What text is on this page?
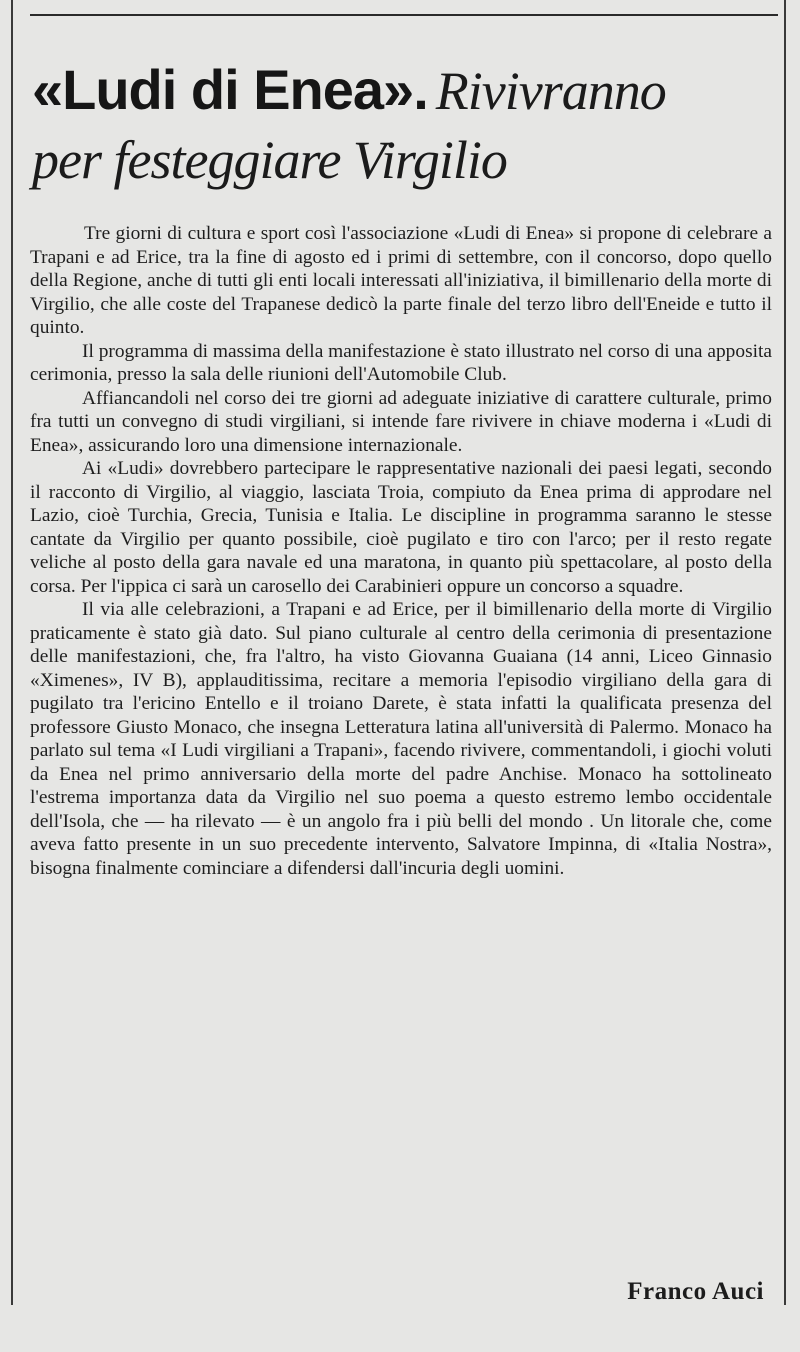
«Ludi di Enea». Rivivranno
per festeggiare Virgilio

Tre giorni di cultura e sport così l'associazione «Ludi di Enea» si propone di celebrare a Trapani e ad Erice, tra la fine di agosto ed i primi di settembre, con il concorso, dopo quello della Regione, anche di tutti gli enti locali interessati all'iniziativa, il bimillenario della morte di Virgilio, che alle coste del Trapanese dedicò la parte finale del terzo libro dell'Eneide e tutto il quinto.

Il programma di massima della manifestazione è stato illustrato nel corso di una apposita cerimonia, presso la sala delle riunioni dell'Automobile Club.

Affiancandoli nel corso dei tre giorni ad adeguate iniziative di carattere culturale, primo fra tutti un convegno di studi virgiliani, si intende fare rivivere in chiave moderna i «Ludi di Enea», assicurando loro una dimensione internazionale.

Ai «Ludi» dovrebbero partecipare le rappresentative nazionali dei paesi legati, secondo il racconto di Virgilio, al viaggio, lasciata Troia, compiuto da Enea prima di approdare nel Lazio, cioè Turchia, Grecia, Tunisia e Italia. Le discipline in programma saranno le stesse cantate da Virgilio per quanto possibile, cioè pugilato e tiro con l'arco; per il resto regate veliche al posto della gara navale ed una maratona, in quanto più spettacolare, al posto della corsa. Per l'ippica ci sarà un carosello dei Carabinieri oppure un concorso a squadre.

Il via alle celebrazioni, a Trapani e ad Erice, per il bimillenario della morte di Virgilio praticamente è stato già dato. Sul piano culturale al centro della cerimonia di presentazione delle manifestazioni, che, fra l'altro, ha visto Giovanna Guaiana (14 anni, Liceo Ginnasio «Ximenes», IV B), applauditissima, recitare a memoria l'episodio virgiliano della gara di pugilato tra l'ericino Entello e il troiano Darete, è stata infatti la qualificata presenza del professore Giusto Monaco, che insegna Letteratura latina all'università di Palermo. Monaco ha parlato sul tema «I Ludi virgiliani a Trapani», facendo rivivere, commentandoli, i giochi voluti da Enea nel primo anniversario della morte del padre Anchise. Monaco ha sottolineato l'estrema importanza data da Virgilio nel suo poema a questo estremo lembo occidentale dell'Isola, che — ha rilevato — è un angolo fra i più belli del mondo . Un litorale che, come aveva fatto presente in un suo precedente intervento, Salvatore Impinna, di «Italia Nostra», bisogna finalmente cominciare a difendersi dall'incuria degli uomini.

Franco Auci
